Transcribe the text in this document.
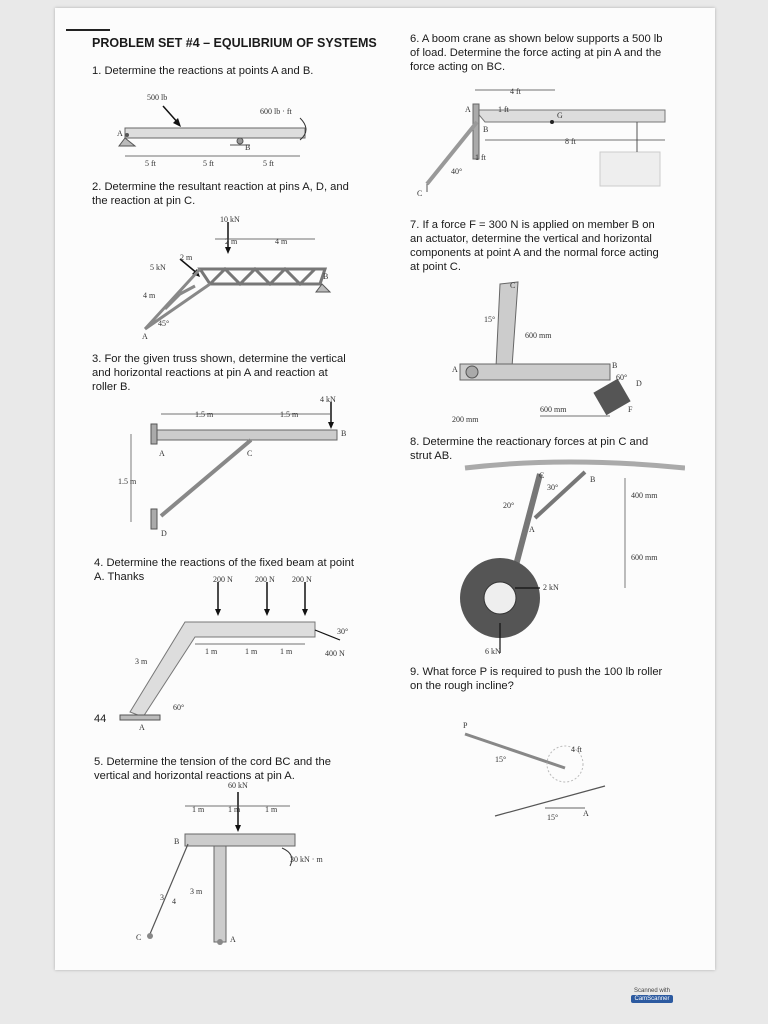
PROBLEM SET #4 – EQULIBRIUM OF SYSTEMS
1. Determine the reactions at points A and B.
2. Determine the resultant reaction at pins A, D, and
the reaction at pin C.
3. For the given truss shown, determine the vertical
and horizontal reactions at pin A and reaction at
roller B.
4. Determine the reactions of the fixed beam at point
A. Thanks
5. Determine the tension of the cord BC and the
vertical and horizontal reactions at pin A.
6. A boom crane as shown below supports a 500 lb
of load. Determine the force acting at pin A and the
force acting on BC.
7. If a force F = 300 N is applied on member B on
an actuator, determine the vertical and horizontal
components at point A and the normal force acting
at point C.
8. Determine the reactionary forces at pin C and
strut AB.
9. What force P is required to push the 100 lb roller
on the rough incline?
44
500 lb
600 lb · ft
A
B
5 ft	5 ft	5 ft
10 kN
5 kN
2 m	4 m
2 m
4 m
45°
B
A
4 kN
1.5 m	1.5 m
1.5 m
A
B
C
D
200 N	200 N 200 N
1 m	1 m	1 m	400 N
30°
3 m
60°
A
60 kN
1 m	1 m	1 m
30 kN · m
3 m
B
C	A
3 4
4 ft
1 ft
8 ft
1 ft
40°
A
B
C
G
C
15°
600 mm
600 mm
200 mm
A	B
60°
D
F
C	B
30°
20°
A
400 mm
600 mm
2 kN
6 kN
P
15°
4 ft
15°	A
Scanned with
CamScanner
